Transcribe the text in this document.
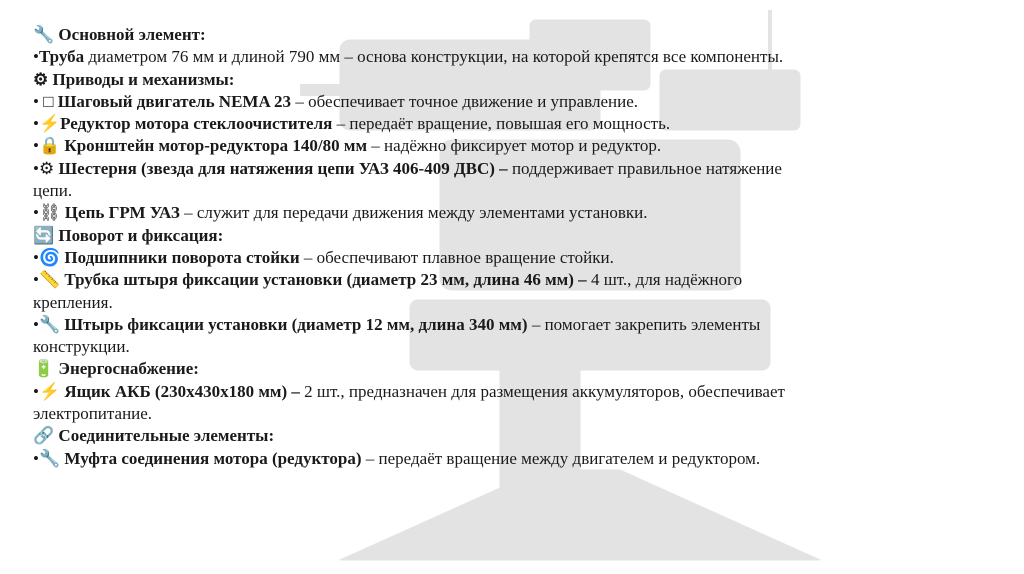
🔧 Основной элемент:
•Труба диаметром 76 мм и длиной 790 мм – основа конструкции, на которой крепятся все компоненты.
⚙ Приводы и механизмы:
• □ Шаговый двигатель NEMA 23 – обеспечивает точное движение и управление.
•⚡Редуктор мотора стеклоочистителя – передаёт вращение, повышая его мощность.
•🔒 Кронштейн мотор-редуктора 140/80 мм – надёжно фиксирует мотор и редуктор.
•⚙ Шестерня (звезда для натяжения цепи УАЗ 406-409 ДВС) – поддерживает правильное натяжение цепи.
•⛓ Цепь ГРМ УАЗ – служит для передачи движения между элементами установки.
🔄 Поворот и фиксация:
•🌀 Подшипники поворота стойки – обеспечивают плавное вращение стойки.
•📏 Трубка штыря фиксации установки (диаметр 23 мм, длина 46 мм) – 4 шт., для надёжного крепления.
•🔧 Штырь фиксации установки (диаметр 12 мм, длина 340 мм) – помогает закрепить элементы конструкции.
🔋 Энергоснабжение:
•⚡ Ящик АКБ (230х430х180 мм) – 2 шт., предназначен для размещения аккумуляторов, обеспечивает электропитание.
🔗 Соединительные элементы:
•🔧 Муфта соединения мотора (редуктора) – передаёт вращение между двигателем и редуктором.
